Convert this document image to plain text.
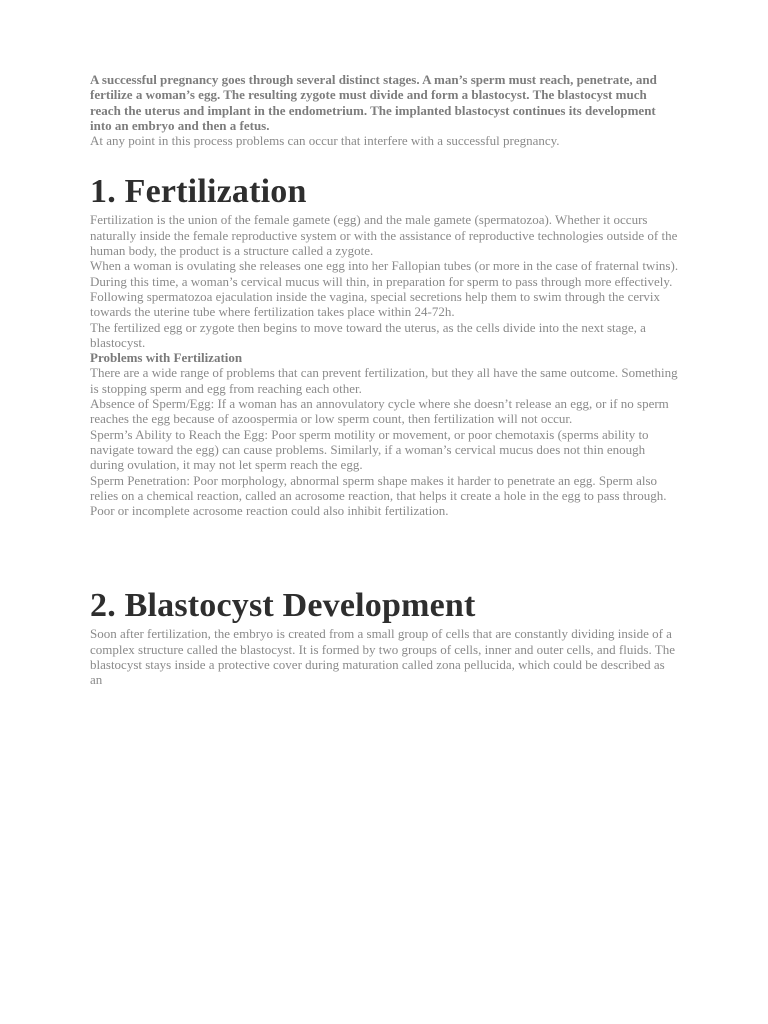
A successful pregnancy goes through several distinct stages. A man’s sperm must reach, penetrate, and fertilize a woman’s egg. The resulting zygote must divide and form a blastocyst. The blastocyst much reach the uterus and implant in the endometrium. The implanted blastocyst continues its development into an embryo and then a fetus.

At any point in this process problems can occur that interfere with a successful pregnancy.

1. Fertilization

Fertilization is the union of the female gamete (egg) and the male gamete (spermatozoa). Whether it occurs naturally inside the female reproductive system or with the assistance of reproductive technologies outside of the human body, the product is a structure called a zygote.

When a woman is ovulating she releases one egg into her Fallopian tubes (or more in the case of fraternal twins). During this time, a woman’s cervical mucus will thin, in preparation for sperm to pass through more effectively.

Following spermatozoa ejaculation inside the vagina, special secretions help them to swim through the cervix towards the uterine tube where fertilization takes place within 24-72h.

The fertilized egg or zygote then begins to move toward the uterus, as the cells divide into the next stage, a blastocyst.

Problems with Fertilization
There are a wide range of problems that can prevent fertilization, but they all have the same outcome. Something is stopping sperm and egg from reaching each other.

Absence of Sperm/Egg: If a woman has an annovulatory cycle where she doesn’t release an egg, or if no sperm reaches the egg because of azoospermia or low sperm count, then fertilization will not occur.

Sperm’s Ability to Reach the Egg: Poor sperm motility or movement, or poor chemotaxis (sperms ability to navigate toward the egg) can cause problems. Similarly, if a woman’s cervical mucus does not thin enough during ovulation, it may not let sperm reach the egg.

Sperm Penetration: Poor morphology, abnormal sperm shape makes it harder to penetrate an egg. Sperm also relies on a chemical reaction, called an acrosome reaction, that helps it create a hole in the egg to pass through. Poor or incomplete acrosome reaction could also inhibit fertilization.

2. Blastocyst Development

Soon after fertilization, the embryo is created from a small group of cells that are constantly dividing inside of a complex structure called the blastocyst. It is formed by two groups of cells, inner and outer cells, and fluids. The blastocyst stays inside a protective cover during maturation called zona pellucida, which could be described as an
